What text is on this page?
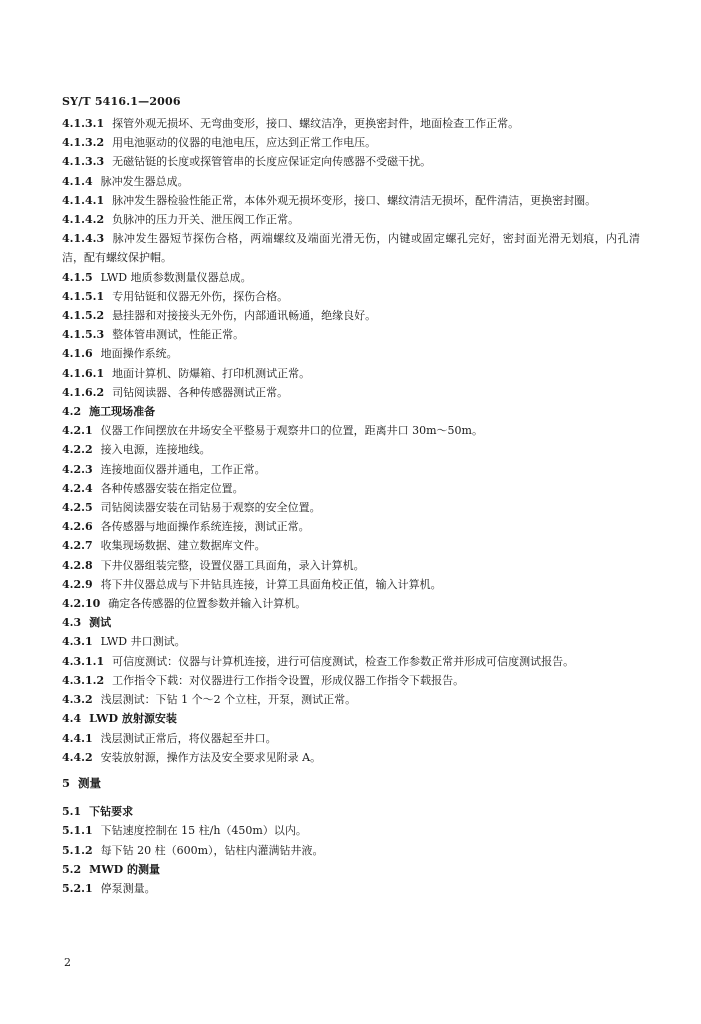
SY/T 5416.1—2006
4.1.3.1 探管外观无损坏、无弯曲变形，接口、螺纹洁净，更换密封件，地面检查工作正常。
4.1.3.2 用电池驱动的仪器的电池电压，应达到正常工作电压。
4.1.3.3 无磁钻铤的长度或探管管串的长度应保证定向传感器不受磁干扰。
4.1.4 脉冲发生器总成。
4.1.4.1 脉冲发生器检验性能正常，本体外观无损坏变形，接口、螺纹清洁无损坏，配件清洁，更换密封圈。
4.1.4.2 负脉冲的压力开关、泄压阀工作正常。
4.1.4.3 脉冲发生器短节探伤合格，两端螺纹及端面光滑无伤，内键或固定螺孔完好，密封面光滑无划痕，内孔清洁，配有螺纹保护帽。
4.1.5 LWD 地质参数测量仪器总成。
4.1.5.1 专用钻铤和仪器无外伤，探伤合格。
4.1.5.2 悬挂器和对接接头无外伤，内部通讯畅通，绝缘良好。
4.1.5.3 整体管串测试，性能正常。
4.1.6 地面操作系统。
4.1.6.1 地面计算机、防爆箱、打印机测试正常。
4.1.6.2 司钻阅读器、各种传感器测试正常。
4.2 施工现场准备
4.2.1 仪器工作间摆放在井场安全平整易于观察井口的位置，距离井口 30m～50m。
4.2.2 接入电源，连接地线。
4.2.3 连接地面仪器并通电，工作正常。
4.2.4 各种传感器安装在指定位置。
4.2.5 司钻阅读器安装在司钻易于观察的安全位置。
4.2.6 各传感器与地面操作系统连接，测试正常。
4.2.7 收集现场数据、建立数据库文件。
4.2.8 下井仪器组装完整，设置仪器工具面角，录入计算机。
4.2.9 将下井仪器总成与下井钻具连接，计算工具面角校正值，输入计算机。
4.2.10 确定各传感器的位置参数并输入计算机。
4.3 测试
4.3.1 LWD 井口测试。
4.3.1.1 可信度测试：仪器与计算机连接，进行可信度测试，检查工作参数正常并形成可信度测试报告。
4.3.1.2 工作指令下载：对仪器进行工作指令设置，形成仪器工作指令下载报告。
4.3.2 浅层测试：下钻 1 个～2 个立柱，开泵，测试正常。
4.4 LWD 放射源安装
4.4.1 浅层测试正常后，将仪器起至井口。
4.4.2 安装放射源，操作方法及安全要求见附录 A。
5 测量
5.1 下钻要求
5.1.1 下钻速度控制在 15 柱/h（450m）以内。
5.1.2 每下钻 20 柱（600m），钻柱内灌满钻井液。
5.2 MWD 的测量
5.2.1 停泵测量。
2
